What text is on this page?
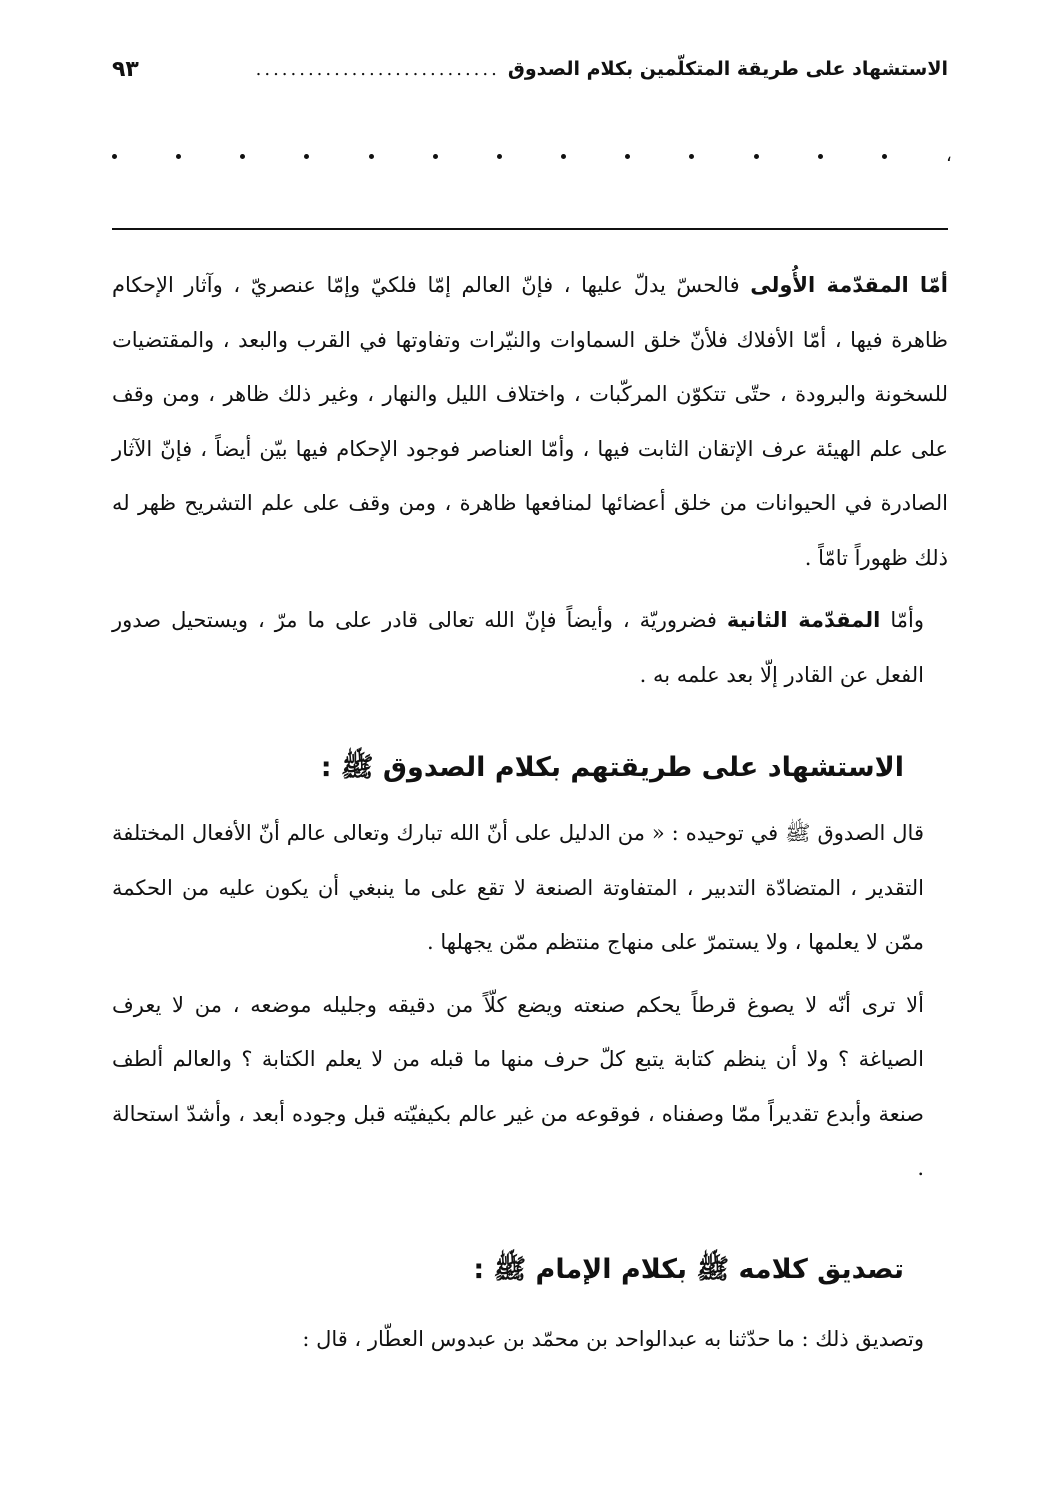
الاستشهاد على طريقة المتكلّمين بكلام الصدوق
............................
٩٣
،

أمّا المقدّمة الأُولى فالحسّ يدلّ عليها ، فإنّ العالم إمّا فلكيّ وإمّا عنصريّ ، وآثار الإحكام ظاهرة فيها ، أمّا الأفلاك فلأنّ خلق السماوات والنيّرات وتفاوتها في القرب والبعد ، والمقتضيات للسخونة والبرودة ، حتّى تتكوّن المركّبات ، واختلاف الليل والنهار ، وغير ذلك ظاهر ، ومن وقف على علم الهيئة عرف الإتقان الثابت فيها ، وأمّا العناصر فوجود الإحكام فيها بيّن أيضاً ، فإنّ الآثار الصادرة في الحيوانات من خلق أعضائها لمنافعها ظاهرة ، ومن وقف على علم التشريح ظهر له ذلك ظهوراً تامّاً .

وأمّا المقدّمة الثانية فضروريّة ، وأيضاً فإنّ الله تعالى قادر على ما مرّ ، ويستحيل صدور الفعل عن القادر إلّا بعد علمه به .

الاستشهاد على طريقتهم بكلام الصدوق ﷺ :

قال الصدوق ﷺ في توحيده : « من الدليل على أنّ الله تبارك وتعالى عالم أنّ الأفعال المختلفة التقدير ، المتضادّة التدبير ، المتفاوتة الصنعة لا تقع على ما ينبغي أن يكون عليه من الحكمة ممّن لا يعلمها ، ولا يستمرّ على منهاج منتظم ممّن يجهلها .

ألا ترى أنّه لا يصوغ قرطاً يحكم صنعته ويضع كلّاً من دقيقه وجليله موضعه ، من لا يعرف الصياغة ؟ ولا أن ينظم كتابة يتبع كلّ حرف منها ما قبله من لا يعلم الكتابة ؟ والعالم ألطف صنعة وأبدع تقديراً ممّا وصفناه ، فوقوعه من غير عالم بكيفيّته قبل وجوده أبعد ، وأشدّ استحالة .

تصديق كلامه ﷺ بكلام الإمام ﷺ :

وتصديق ذلك : ما حدّثنا به عبدالواحد بن محمّد بن عبدوس العطّار ، قال :
